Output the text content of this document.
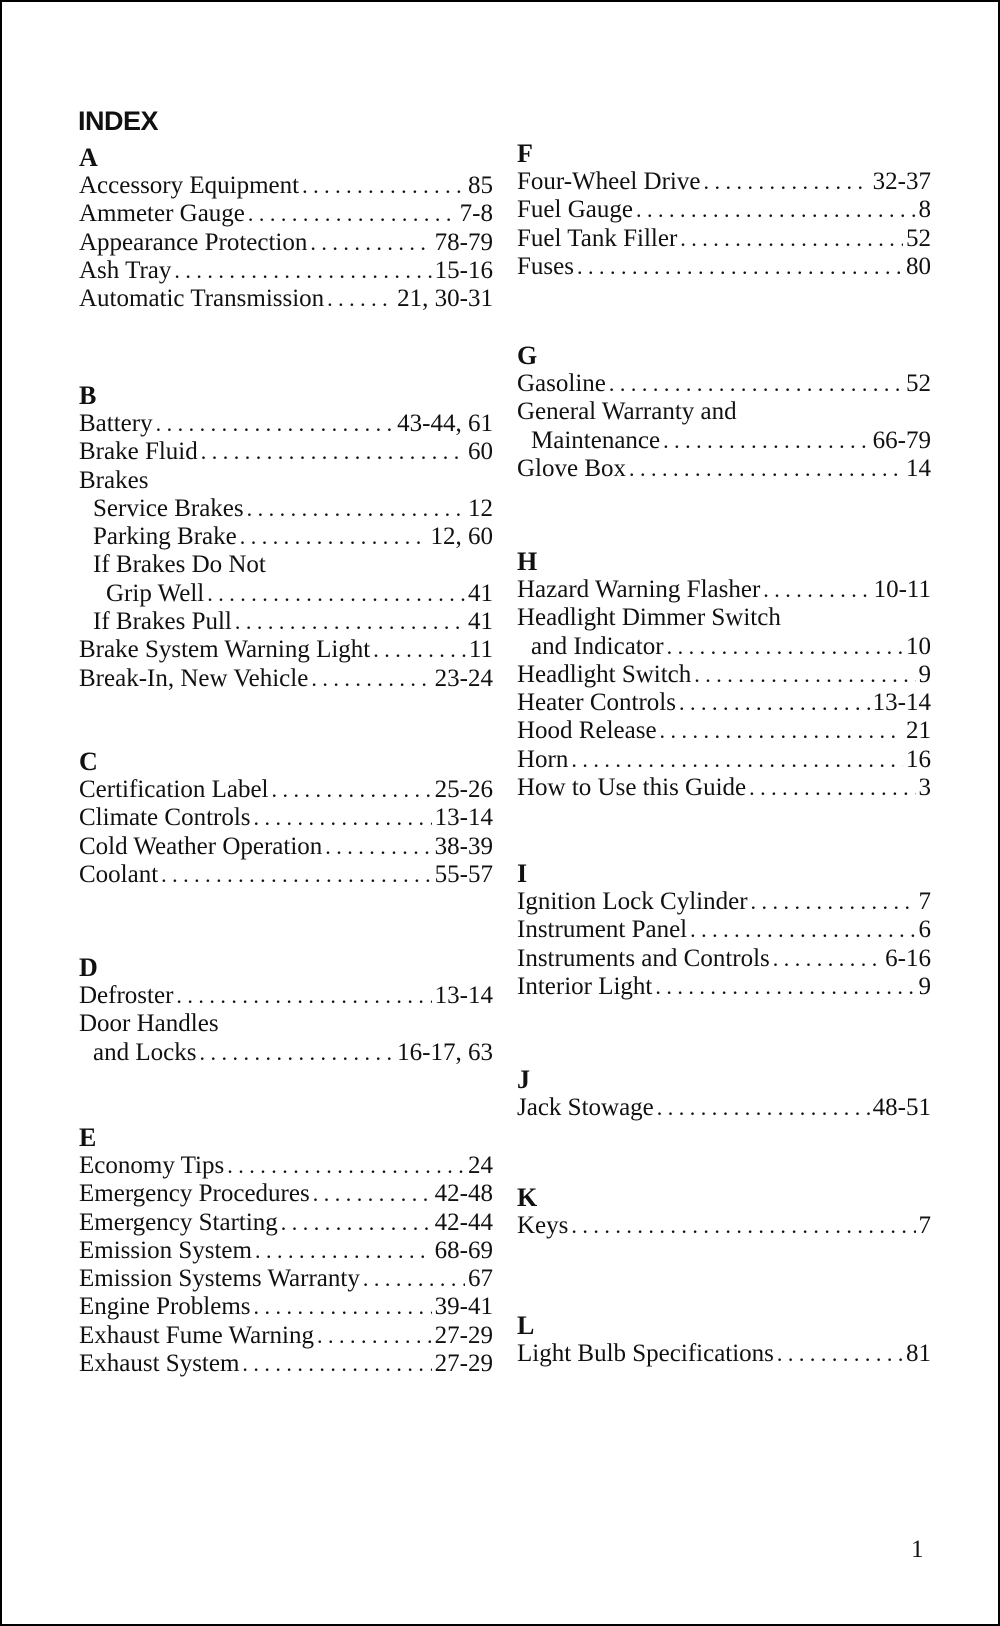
INDEX
A
Accessory Equipment . . .	85
Ammeter Gauge . . .	7-8
Appearance Protection . . .	78-79
Ash Tray . . .	15-16
Automatic Transmission . . .	21, 30-31
B
Battery . . .	43-44, 61
Brake Fluid . . .	60
Brakes
Service Brakes . . .	12
Parking Brake . . .	12, 60
If Brakes Do Not
Grip Well . . .	41
If Brakes Pull . . .	41
Brake System Warning Light . . .	11
Break-In, New Vehicle . . .	23-24
C
Certification Label . . .	25-26
Climate Controls . . .	13-14
Cold Weather Operation . . .	38-39
Coolant . . .	55-57
D
Defroster . . .	13-14
Door Handles
and Locks . . .	16-17, 63
E
Economy Tips . . .	24
Emergency Procedures . . .	42-48
Emergency Starting . . .	42-44
Emission System . . .	68-69
Emission Systems Warranty . . .	67
Engine Problems . . .	39-41
Exhaust Fume Warning . . .	27-29
Exhaust System . . .	27-29
F
Four-Wheel Drive . . .	32-37
Fuel Gauge . . .	8
Fuel Tank Filler . . .	52
Fuses . . .	80
G
Gasoline . . .	52
General Warranty and
Maintenance . . .	66-79
Glove Box . . .	14
H
Hazard Warning Flasher . . .	10-11
Headlight Dimmer Switch
and Indicator . . .	10
Headlight Switch . . .	9
Heater Controls . . .	13-14
Hood Release . . .	21
Horn . . .	16
How to Use this Guide . . .	3
I
Ignition Lock Cylinder . . .	7
Instrument Panel . . .	6
Instruments and Controls . . .	6-16
Interior Light . . .	9
J
Jack Stowage . . .	48-51
K
Keys . . .	7
L
Light Bulb Specifications . . .	81
1
